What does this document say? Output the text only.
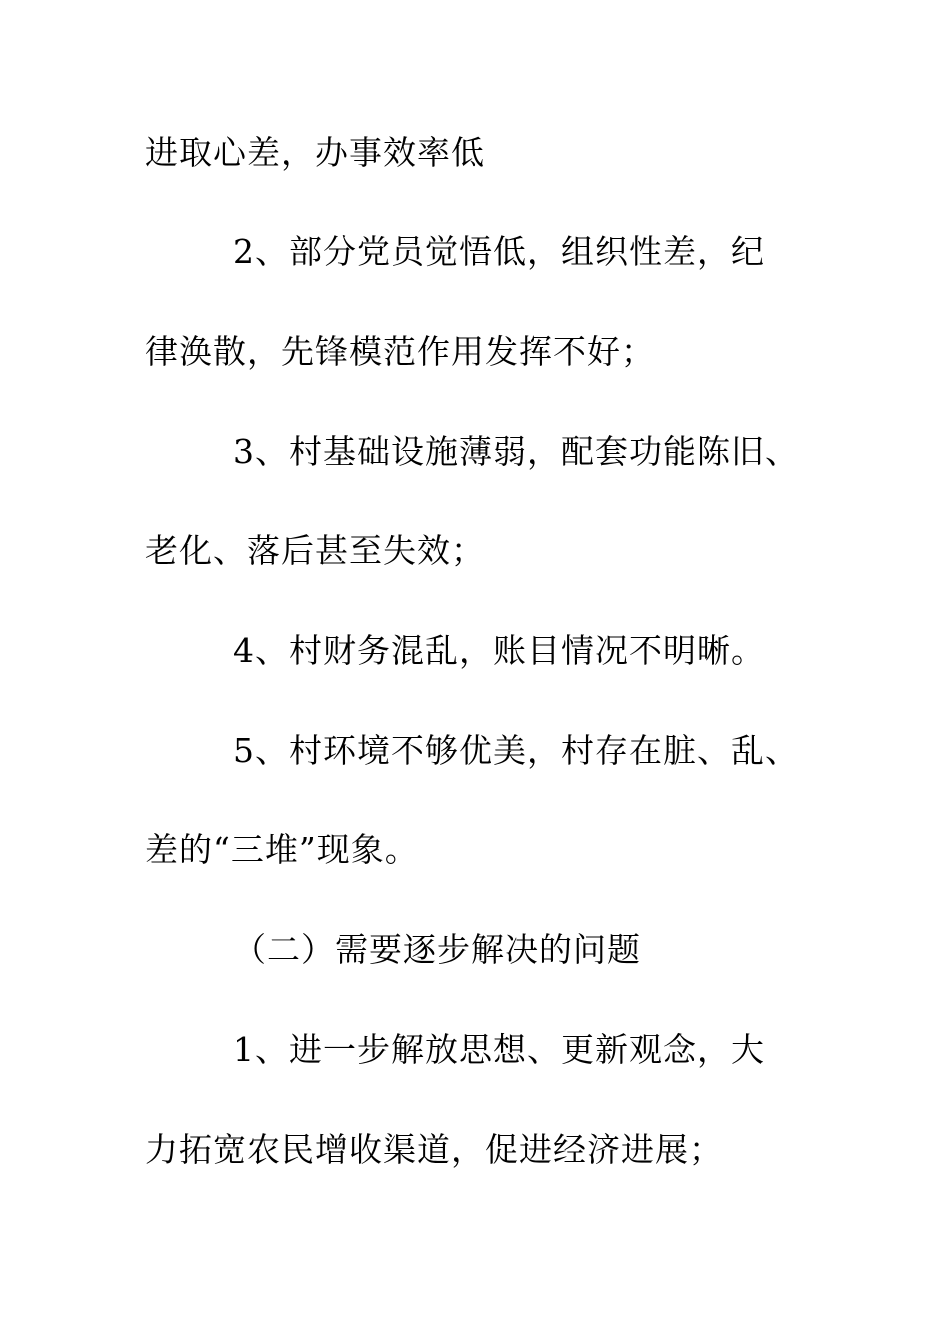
进取心差，办事效率低
2、部分党员觉悟低，组织性差，纪
律涣散，先锋模范作用发挥不好；
3、村基础设施薄弱，配套功能陈旧、
老化、落后甚至失效；
4、村财务混乱，账目情况不明晰。
5、村环境不够优美，村存在脏、乱、
差的“三堆”现象。
（二）需要逐步解决的问题
1、进一步解放思想、更新观念，大
力拓宽农民增收渠道，促进经济进展；
